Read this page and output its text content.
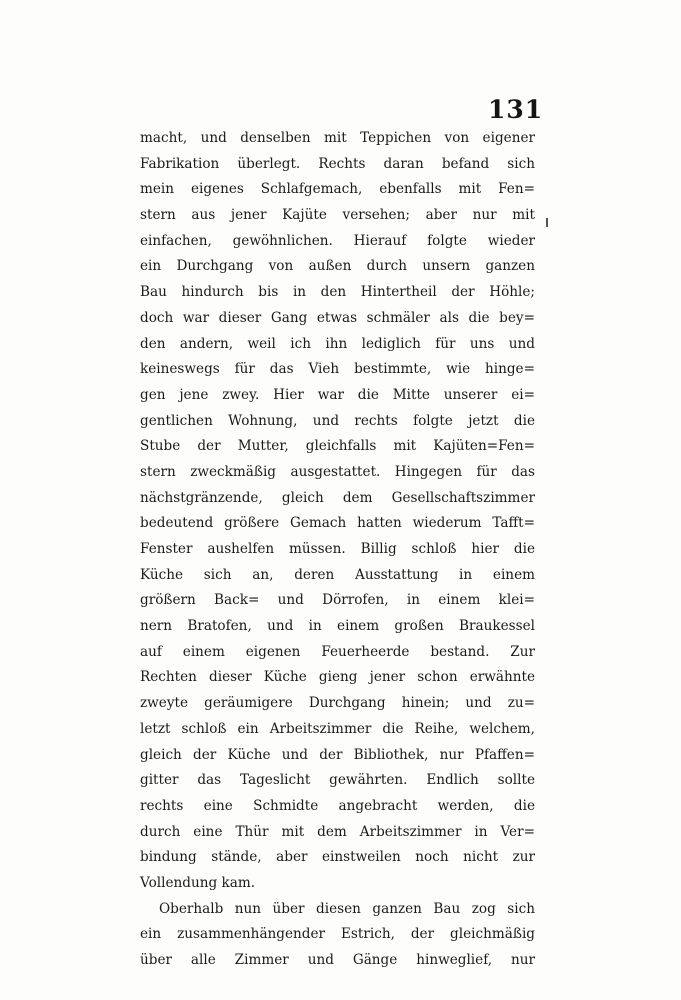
131
macht, und denselben mit Teppichen von eigener
Fabrikation überlegt. Rechts daran befand sich
mein eigenes Schlafgemach, ebenfalls mit Fen=
stern aus jener Kajüte versehen; aber nur mit
einfachen, gewöhnlichen. Hierauf folgte wieder
ein Durchgang von außen durch unsern ganzen
Bau hindurch bis in den Hintertheil der Höhle;
doch war dieser Gang etwas schmäler als die bey=
den andern, weil ich ihn lediglich für uns und
keineswegs für das Vieh bestimmte, wie hinge=
gen jene zwey. Hier war die Mitte unserer ei=
gentlichen Wohnung, und rechts folgte jetzt die
Stube der Mutter, gleichfalls mit Kajüten=Fen=
stern zweckmäßig ausgestattet. Hingegen für das
nächstgränzende, gleich dem Gesellschaftszimmer
bedeutend größere Gemach hatten wiederum Tafft=
Fenster aushelfen müssen. Billig schloß hier die
Küche sich an, deren Ausstattung in einem
größern Back= und Dörrofen, in einem klei=
nern Bratofen, und in einem großen Braukessel
auf einem eigenen Feuerheerde bestand. Zur
Rechten dieser Küche gieng jener schon erwähnte
zweyte geräumigere Durchgang hinein; und zu=
letzt schloß ein Arbeitszimmer die Reihe, welchem,
gleich der Küche und der Bibliothek, nur Pfaffen=
gitter das Tageslicht gewährten. Endlich sollte
rechts eine Schmidte angebracht werden, die
durch eine Thür mit dem Arbeitszimmer in Ver=
bindung stände, aber einstweilen noch nicht zur
Vollendung kam.
Oberhalb nun über diesen ganzen Bau zog sich
ein zusammenhängender Estrich, der gleichmäßig
über alle Zimmer und Gänge hinweglief, nur
